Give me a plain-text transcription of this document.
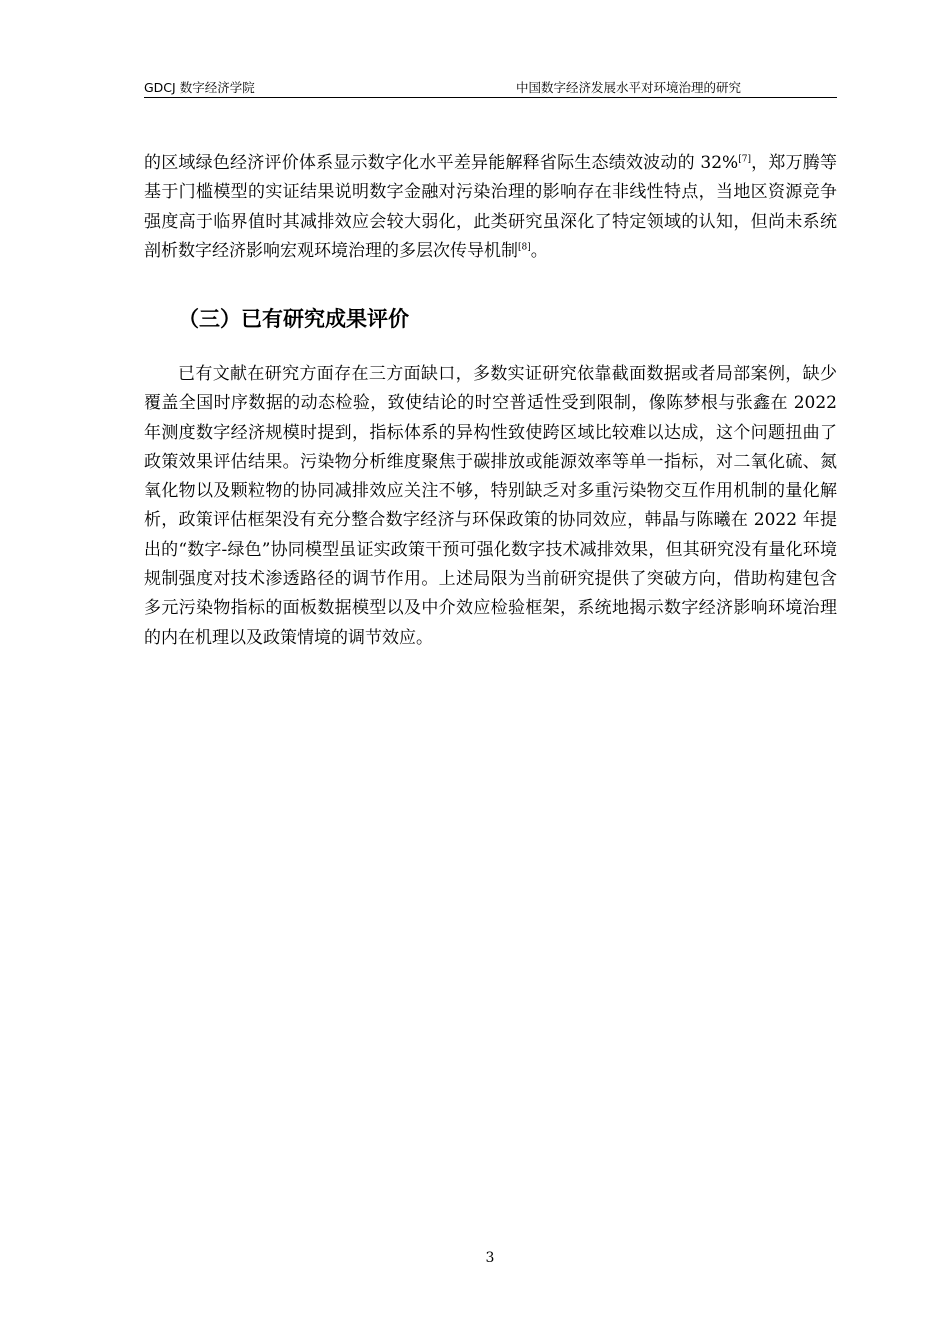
GDCJ 数字经济学院	中国数字经济发展水平对环境治理的研究

的区域绿色经济评价体系显示数字化水平差异能解释省际生态绩效波动的 32%[7]，郑万腾等基于门槛模型的实证结果说明数字金融对污染治理的影响存在非线性特点，当地区资源竞争强度高于临界值时其减排效应会较大弱化，此类研究虽深化了特定领域的认知，但尚未系统剖析数字经济影响宏观环境治理的多层次传导机制[8]。

（三）已有研究成果评价

已有文献在研究方面存在三方面缺口，多数实证研究依靠截面数据或者局部案例，缺少覆盖全国时序数据的动态检验，致使结论的时空普适性受到限制，像陈梦根与张鑫在 2022 年测度数字经济规模时提到，指标体系的异构性致使跨区域比较难以达成，这个问题扭曲了政策效果评估结果。污染物分析维度聚焦于碳排放或能源效率等单一指标，对二氧化硫、氮氧化物以及颗粒物的协同减排效应关注不够，特别缺乏对多重污染物交互作用机制的量化解析，政策评估框架没有充分整合数字经济与环保政策的协同效应，韩晶与陈曦在 2022 年提出的“数字-绿色”协同模型虽证实政策干预可强化数字技术减排效果，但其研究没有量化环境规制强度对技术渗透路径的调节作用。上述局限为当前研究提供了突破方向，借助构建包含多元污染物指标的面板数据模型以及中介效应检验框架，系统地揭示数字经济影响环境治理的内在机理以及政策情境的调节效应。

3
